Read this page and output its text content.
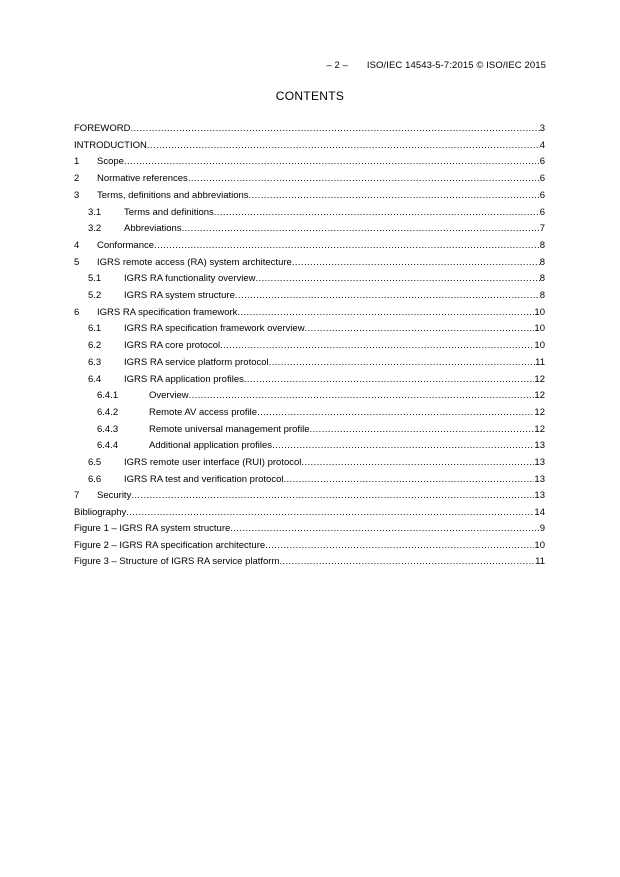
– 2 – ISO/IEC 14543-5-7:2015 © ISO/IEC 2015
CONTENTS
FOREWORD .....	3
INTRODUCTION .....	4
1	Scope .....	6
2	Normative references .....	6
3	Terms, definitions and abbreviations .....	6
3.1	Terms and definitions .....	6
3.2	Abbreviations .....	7
4	Conformance .....	8
5	IGRS remote access (RA) system architecture .....	8
5.1	IGRS RA functionality overview .....	8
5.2	IGRS RA system structure .....	8
6	IGRS RA specification framework .....	10
6.1	IGRS RA specification framework overview .....	10
6.2	IGRS RA core protocol .....	10
6.3	IGRS RA service platform protocol .....	11
6.4	IGRS RA application profiles .....	12
6.4.1	Overview .....	12
6.4.2	Remote AV access profile .....	12
6.4.3	Remote universal management profile .....	12
6.4.4	Additional application profiles .....	13
6.5	IGRS remote user interface (RUI) protocol .....	13
6.6	IGRS RA test and verification protocol .....	13
7	Security .....	13
Bibliography .....	14
Figure 1 – IGRS RA system structure .....	9
Figure 2 – IGRS RA specification architecture .....	10
Figure 3 – Structure of IGRS RA service platform .....	11
